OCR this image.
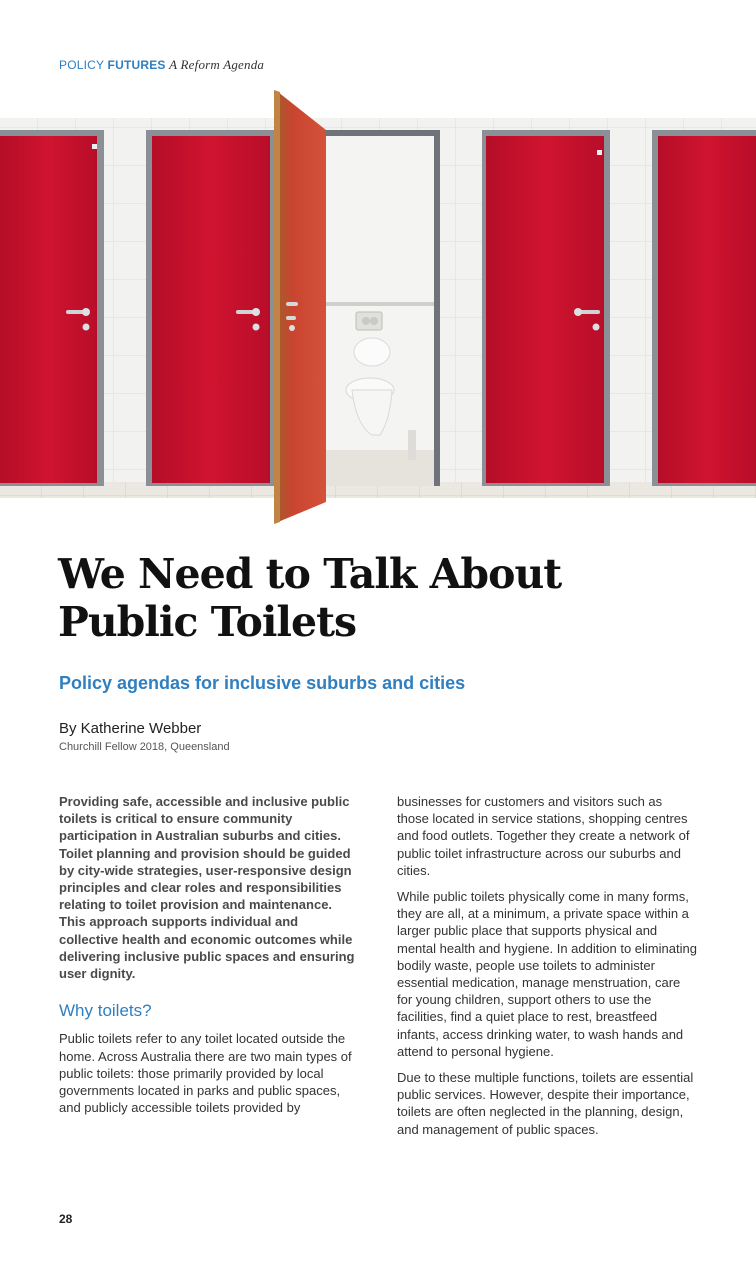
POLICY FUTURES A Reform Agenda
We Need to Talk About
Public Toilets
Policy agendas for inclusive suburbs and cities
By Katherine Webber
Churchill Fellow 2018, Queensland

Providing safe, accessible and inclusive public toilets is critical to ensure community participation in Australian suburbs and cities. Toilet planning and provision should be guided by city-wide strategies, user-responsive design principles and clear roles and responsibilities relating to toilet provision and maintenance. This approach supports individual and collective health and economic outcomes while delivering inclusive public spaces and ensuring user dignity.

Why toilets?

Public toilets refer to any toilet located outside the home. Across Australia there are two main types of public toilets: those primarily provided by local governments located in parks and public spaces, and publicly accessible toilets provided by

businesses for customers and visitors such as those located in service stations, shopping centres and food outlets. Together they create a network of public toilet infrastructure across our suburbs and cities.

While public toilets physically come in many forms, they are all, at a minimum, a private space within a larger public place that supports physical and mental health and hygiene. In addition to eliminating bodily waste, people use toilets to administer essential medication, manage menstruation, care for young children, support others to use the facilities, find a quiet place to rest, breastfeed infants, access drinking water, to wash hands and attend to personal hygiene.

Due to these multiple functions, toilets are essential public services. However, despite their importance, toilets are often neglected in the planning, design, and management of public spaces.

28
